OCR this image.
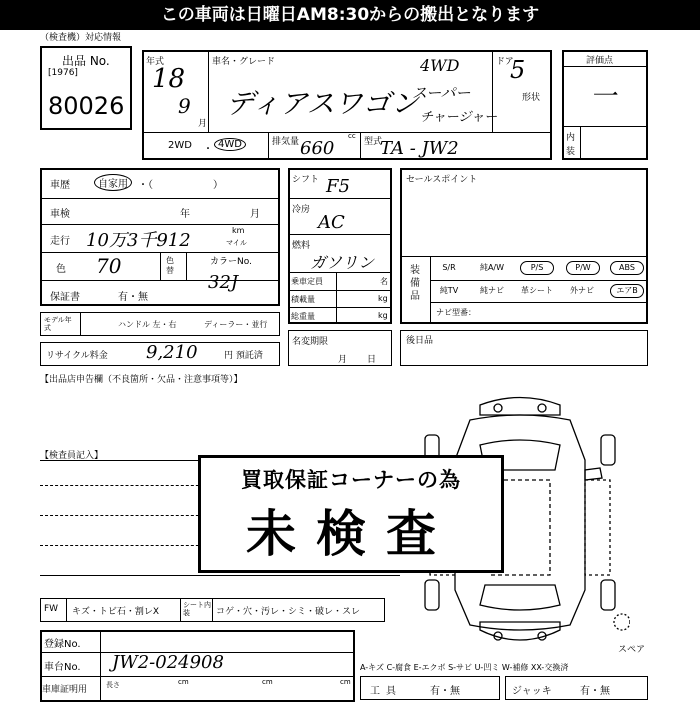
この車両は日曜日AM8:30からの搬出となります
（検査機）対応情報
出品 No.
[1976]
80026
年式
18
9
月
車名・グレード
ディアスワゴン
4WD
スーパー
チャージャー
ドア
5
形状
2WD ・ 4WD	排気量
cc
660	型式
TA - JW2
評価点
一
内
装
車歴	自家用	・（　　　　　　）
車検	年	月
走行 10万3千912	km
マイル
色 70	色替
カラーNo.
32J
保証書	有・無
モデル年式	ハンドル 左・右	ディーラー・並行
リサイクル料金 9,210	円 預託済
【出品店申告欄（不良箇所・欠品・注意事項等）】
シフト F5
冷房
AC
燃料
ガソリン
乗車定員	名
積載量	kg
総重量	kg
名変期限
月日
セールスポイント
装備品
S/R	純A/W	P/S	P/W	ABS
純TV	純ナビ	革シート	外ナビ	エアB
ナビ型番：
後日品
【検査員記入】
スペア
買取保証コーナーの為
未検査
FW キズ・トビ石・割レX
シート内装	コゲ・穴・汚レ・シミ・破レ・スレ
登録No.
車台No. JW2-024908
車庫証明用	長さ	cm	cm	cm
A-キズ C-腐食 E-エクボ S-サビ U-凹ミ W-補修 XX-交換済
工具	有・無	ジャッキ	有・無
